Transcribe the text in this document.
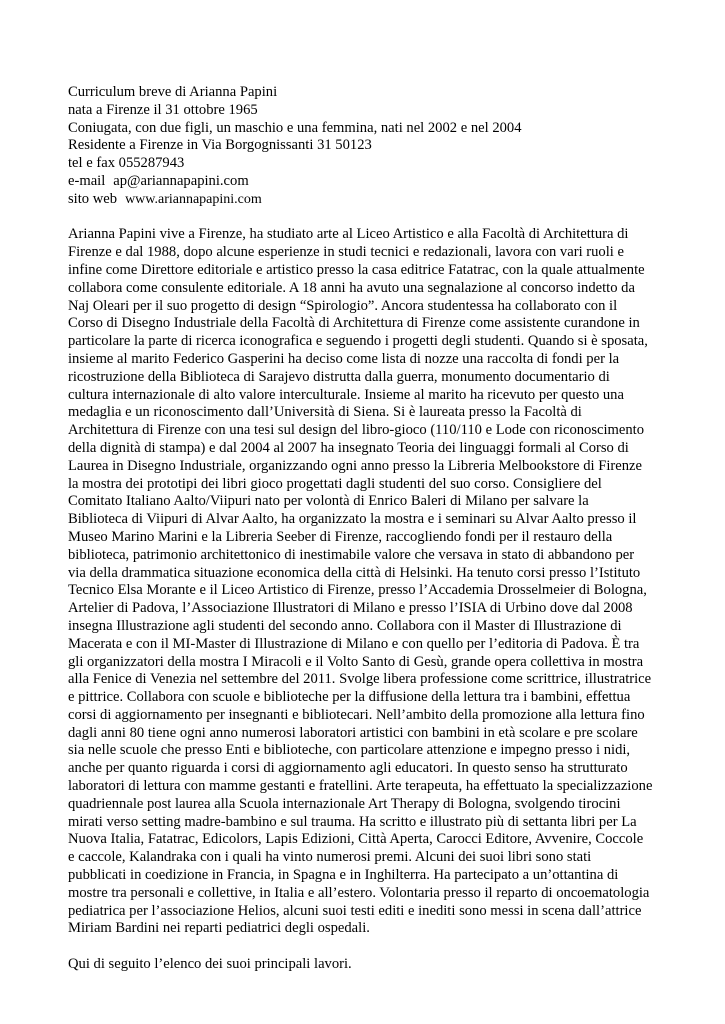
Curriculum breve di Arianna Papini
nata a Firenze il 31 ottobre 1965
Coniugata, con due figli, un maschio e una femmina, nati nel 2002 e nel 2004
Residente a Firenze in Via Borgognissanti 31 50123
tel e fax 055287943
e-mail ap@ariannapapini.com
sito web www.ariannapapini.com
Arianna Papini vive a Firenze, ha studiato arte al Liceo Artistico e alla Facoltà di Architettura di
Firenze e dal 1988, dopo alcune esperienze in studi tecnici e redazionali, lavora con vari ruoli e
infine come Direttore editoriale e artistico presso la casa editrice Fatatrac, con la quale attualmente
collabora come consulente editoriale. A 18 anni ha avuto una segnalazione al concorso indetto da
Naj Oleari per il suo progetto di design “Spirologio”. Ancora studentessa ha collaborato con il
Corso di Disegno Industriale della Facoltà di Architettura di Firenze come assistente curandone in
particolare la parte di ricerca iconografica e seguendo i progetti degli studenti. Quando si è sposata,
insieme al marito Federico Gasperini ha deciso come lista di nozze una raccolta di fondi per la
ricostruzione della Biblioteca di Sarajevo distrutta dalla guerra, monumento documentario di
cultura internazionale di alto valore interculturale. Insieme al marito ha ricevuto per questo una
medaglia e un riconoscimento dall’Università di Siena. Si è laureata presso la Facoltà di
Architettura di Firenze con una tesi sul design del libro-gioco (110/110 e Lode con riconoscimento
della dignità di stampa) e dal 2004 al 2007 ha insegnato Teoria dei linguaggi formali al Corso di
Laurea in Disegno Industriale, organizzando ogni anno presso la Libreria Melbookstore di Firenze
la mostra dei prototipi dei libri gioco progettati dagli studenti del suo corso. Consigliere del
Comitato Italiano Aalto/Viipuri nato per volontà di Enrico Baleri di Milano per salvare la
Biblioteca di Viipuri di Alvar Aalto, ha organizzato la mostra e i seminari su Alvar Aalto presso il
Museo Marino Marini e la Libreria Seeber di Firenze, raccogliendo fondi per il restauro della
biblioteca, patrimonio architettonico di inestimabile valore che versava in stato di abbandono per
via della drammatica situazione economica della città di Helsinki. Ha tenuto corsi presso l’Istituto
Tecnico Elsa Morante e il Liceo Artistico di Firenze, presso l’Accademia Drosselmeier di Bologna,
Artelier di Padova, l’Associazione Illustratori di Milano e presso l’ISIA di Urbino dove dal 2008
insegna Illustrazione agli studenti del secondo anno. Collabora con il Master di Illustrazione di
Macerata e con il MI-Master di Illustrazione di Milano e con quello per l’editoria di Padova. È tra
gli organizzatori della mostra I Miracoli e il Volto Santo di Gesù, grande opera collettiva in mostra
alla Fenice di Venezia nel settembre del 2011. Svolge libera professione come scrittrice, illustratrice
e pittrice. Collabora con scuole e biblioteche per la diffusione della lettura tra i bambini, effettua
corsi di aggiornamento per insegnanti e bibliotecari. Nell’ambito della promozione alla lettura fino
dagli anni 80 tiene ogni anno numerosi laboratori artistici con bambini in età scolare e pre scolare
sia nelle scuole che presso Enti e biblioteche, con particolare attenzione e impegno presso i nidi,
anche per quanto riguarda i corsi di aggiornamento agli educatori. In questo senso ha strutturato
laboratori di lettura con mamme gestanti e fratellini. Arte terapeuta, ha effettuato la specializzazione
quadriennale post laurea alla Scuola internazionale Art Therapy di Bologna, svolgendo tirocini
mirati verso setting madre-bambino e sul trauma. Ha scritto e illustrato più di settanta libri per La
Nuova Italia, Fatatrac, Edicolors, Lapis Edizioni, Città Aperta, Carocci Editore, Avvenire, Coccole
e caccole, Kalandraka con i quali ha vinto numerosi premi. Alcuni dei suoi libri sono stati
pubblicati in coedizione in Francia, in Spagna e in Inghilterra. Ha partecipato a un’ottantina di
mostre tra personali e collettive, in Italia e all’estero. Volontaria presso il reparto di oncoematologia
pediatrica per l’associazione Helios, alcuni suoi testi editi e inediti sono messi in scena dall’attrice
Miriam Bardini nei reparti pediatrici degli ospedali.
Qui di seguito l’elenco dei suoi principali lavori.
